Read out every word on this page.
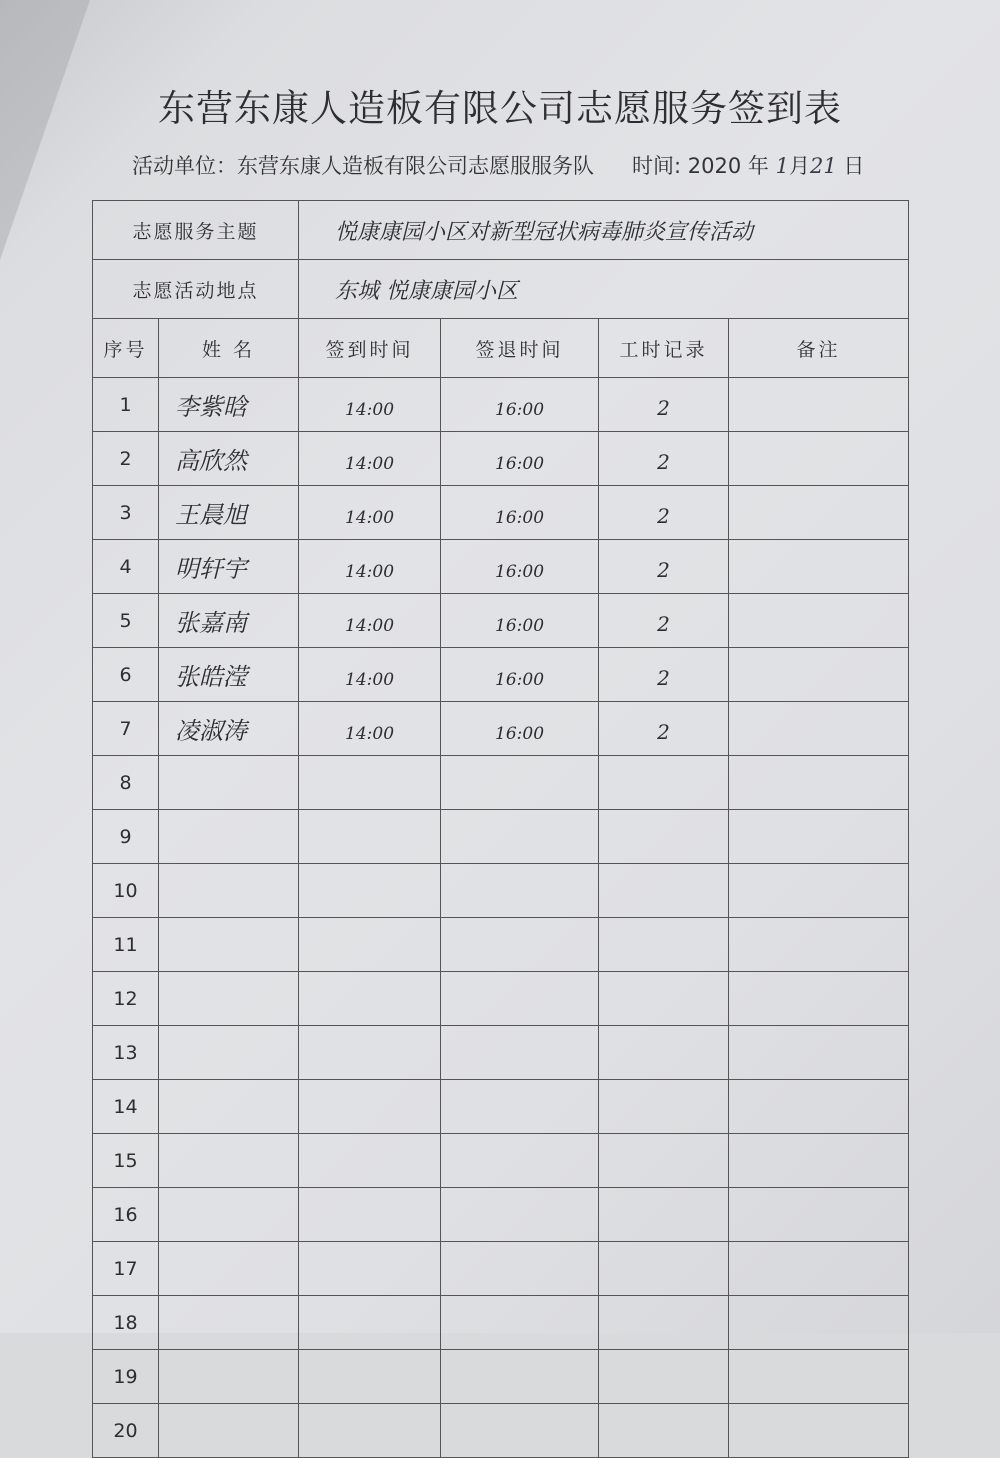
东营东康人造板有限公司志愿服务签到表
活动单位：东营东康人造板有限公司志愿服服务队 时间: 2020 年 1月21 日
志愿服务主题		悦康康园小区对新型冠状病毒肺炎宣传活动			
志愿活动地点		东城 悦康康园小区			
序号	姓 名	签到时间	签退时间	工时记录	备注
1	李紫晗	14:00	16:00	2	
2	高欣然	14:00	16:00	2	
3	王晨旭	14:00	16:00	2	
4	明轩宇	14:00	16:00	2	
5	张嘉南	14:00	16:00	2	
6	张皓滢	14:00	16:00	2	
7	凌淑涛	14:00	16:00	2	
8					
9					
10					
11					
12					
13					
14					
15					
16					
17					
18					
19					
20					
